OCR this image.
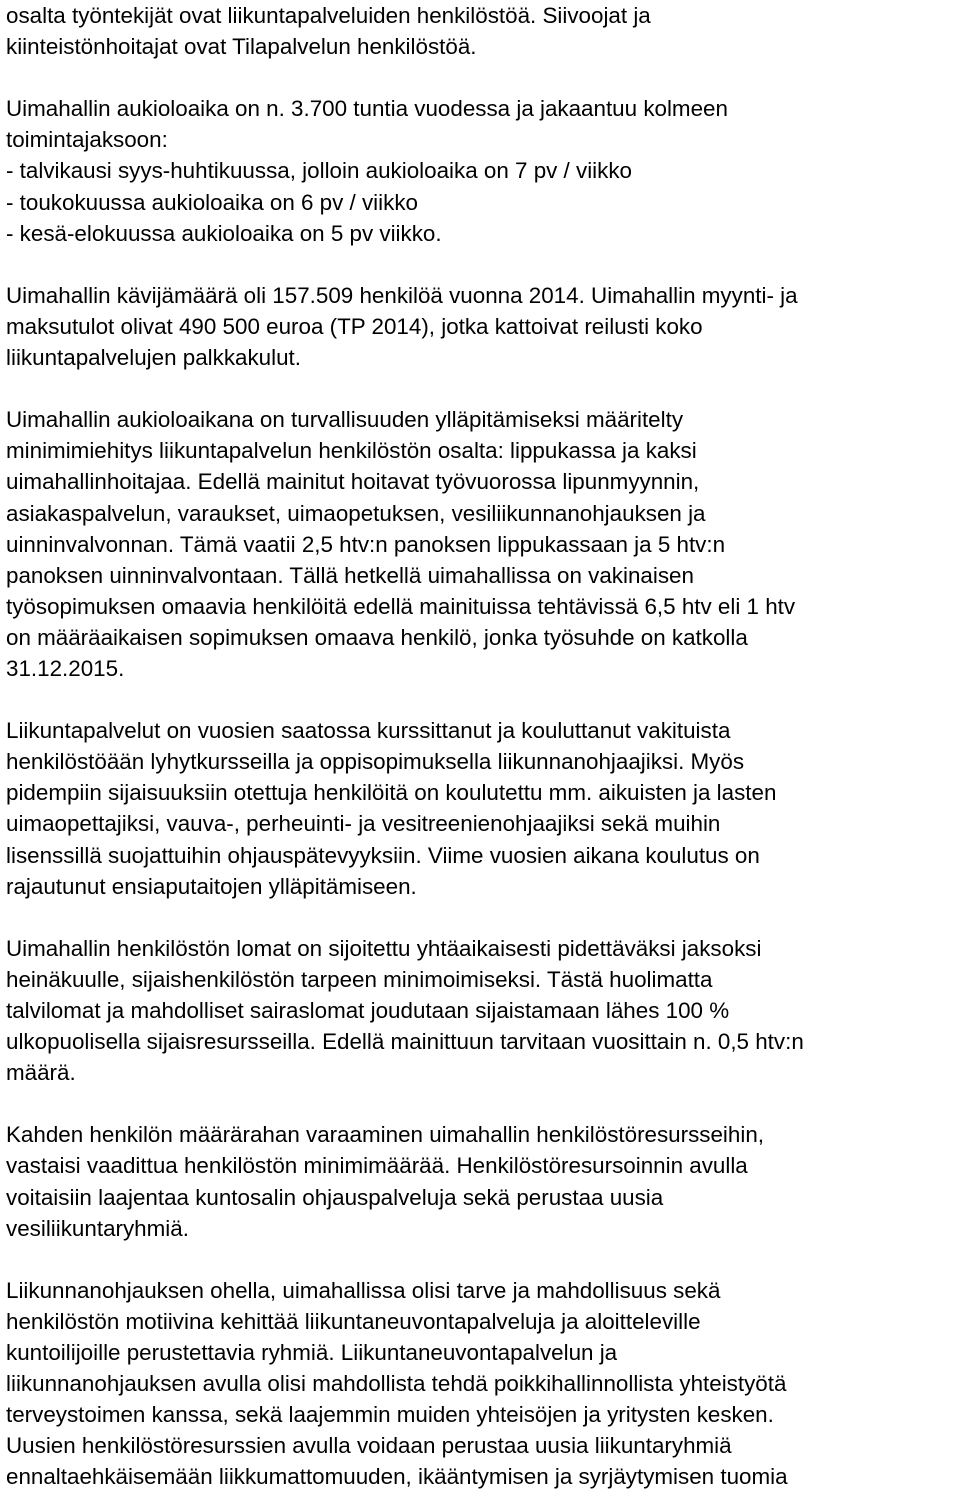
osalta työntekijät ovat liikuntapalveluiden henkilöstöä. Siivoojat ja
kiinteistönhoitajat ovat Tilapalvelun henkilöstöä.
Uimahallin aukioloaika on n. 3.700 tuntia vuodessa ja jakaantuu kolmeen
toimintajaksoon:
- talvikausi syys-huhtikuussa, jolloin aukioloaika on 7 pv / viikko
- toukokuussa aukioloaika on 6 pv / viikko
- kesä-elokuussa aukioloaika on 5 pv viikko.
Uimahallin kävijämäärä oli 157.509 henkilöä vuonna 2014. Uimahallin myynti- ja
maksutulot olivat 490 500 euroa (TP 2014), jotka kattoivat reilusti koko
liikuntapalvelujen palkkakulut.
Uimahallin aukioloaikana on turvallisuuden ylläpitämiseksi määritelty
minimimiehitys liikuntapalvelun henkilöstön osalta: lippukassa ja kaksi
uimahallinhoitajaa. Edellä mainitut hoitavat työvuorossa lipunmyynnin,
asiakaspalvelun, varaukset, uimaopetuksen, vesiliikunnanohjauksen ja
uinninvalvonnan. Tämä vaatii 2,5 htv:n panoksen lippukassaan ja 5 htv:n
panoksen uinninvalvontaan. Tällä hetkellä uimahallissa on vakinaisen
työsopimuksen omaavia henkilöitä edellä mainituissa tehtävissä 6,5 htv eli 1 htv
on määräaikaisen sopimuksen omaava henkilö, jonka työsuhde on katkolla
31.12.2015.
Liikuntapalvelut on vuosien saatossa kurssittanut ja kouluttanut vakituista
henkilöstöään lyhytkursseilla ja oppisopimuksella liikunnanohjaajiksi. Myös
pidempiin sijaisuuksiin otettuja henkilöitä on koulutettu mm. aikuisten ja lasten
uimaopettajiksi, vauva-, perheuinti- ja vesitreenienohjaajiksi sekä muihin
lisenssillä suojattuihin ohjauspätevyyksiin. Viime vuosien aikana koulutus on
rajautunut ensiaputaitojen ylläpitämiseen.
Uimahallin henkilöstön lomat on sijoitettu yhtäaikaisesti pidettäväksi jaksoksi
heinäkuulle, sijaishenkilöstön tarpeen minimoimiseksi. Tästä huolimatta
talvilomat ja mahdolliset sairaslomat joudutaan sijaistamaan lähes 100 %
ulkopuolisella sijaisresursseilla. Edellä mainittuun tarvitaan vuosittain n. 0,5 htv:n
määrä.
Kahden henkilön määrärahan varaaminen uimahallin henkilöstöresursseihin,
vastaisi vaadittua henkilöstön minimimäärää. Henkilöstöresursoinnin avulla
voitaisiin laajentaa kuntosalin ohjauspalveluja sekä perustaa uusia
vesiliikuntaryhmiä.
Liikunnanohjauksen ohella, uimahallissa olisi tarve ja mahdollisuus sekä
henkilöstön motiivina kehittää liikuntaneuvontapalveluja ja aloitteleville
kuntoilijoille perustettavia ryhmiä. Liikuntaneuvontapalvelun ja
liikunnanohjauksen avulla olisi mahdollista tehdä poikkihallinnollista yhteistyötä
terveystoimen kanssa, sekä laajemmin muiden yhteisöjen ja yritysten kesken.
Uusien henkilöstöresurssien avulla voidaan perustaa uusia liikuntaryhmiä
ennaltaehkäisemään liikkumattomuuden, ikääntymisen ja syrjäytymisen tuomia
